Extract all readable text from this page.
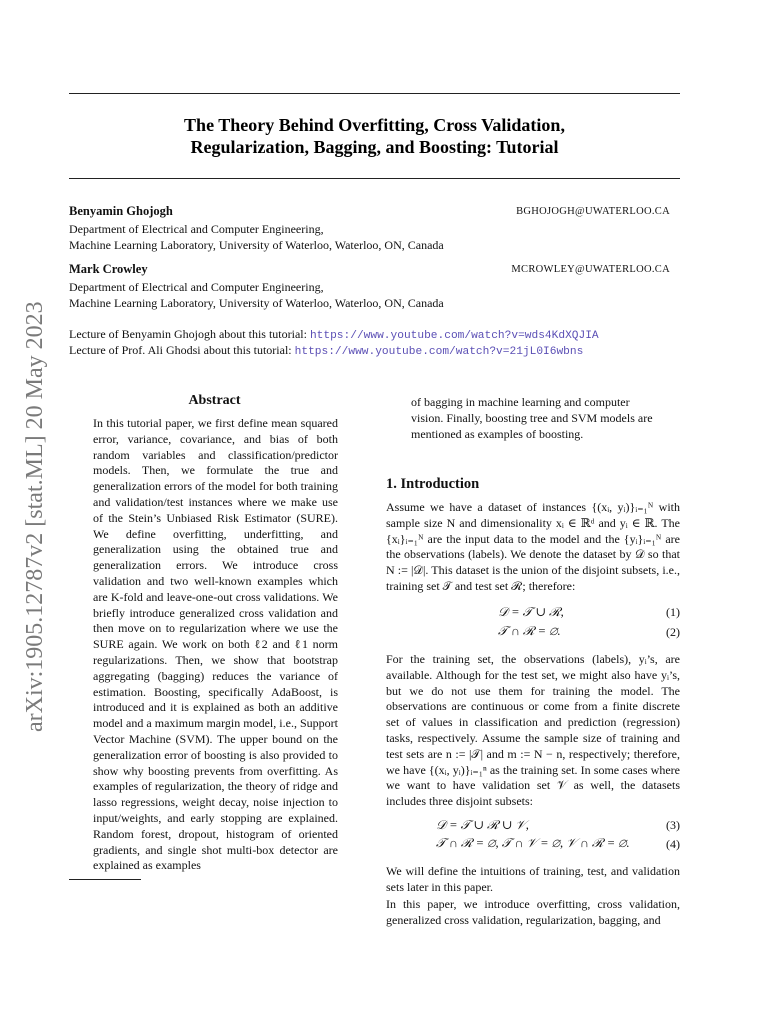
The Theory Behind Overfitting, Cross Validation,
Regularization, Bagging, and Boosting: Tutorial
arXiv:1905.12787v2 [stat.ML] 20 May 2023
Benyamin Ghojogh	BGHOJOGH@UWATERLOO.CA
Department of Electrical and Computer Engineering,
Machine Learning Laboratory, University of Waterloo, Waterloo, ON, Canada
Mark Crowley	MCROWLEY@UWATERLOO.CA
Department of Electrical and Computer Engineering,
Machine Learning Laboratory, University of Waterloo, Waterloo, ON, Canada
Lecture of Benyamin Ghojogh about this tutorial: https://www.youtube.com/watch?v=wds4KdXQJIA
Lecture of Prof. Ali Ghodsi about this tutorial: https://www.youtube.com/watch?v=21jL0I6wbns
Abstract
In this tutorial paper, we first define mean squared error, variance, covariance, and bias of both random variables and classification/predictor models. Then, we formulate the true and generalization errors of the model for both training and validation/test instances where we make use of the Stein’s Unbiased Risk Estimator (SURE). We define overfitting, underfitting, and generalization using the obtained true and generalization errors. We introduce cross validation and two well-known examples which are K-fold and leave-one-out cross validations. We briefly introduce generalized cross validation and then move on to regularization where we use the SURE again. We work on both ℓ2 and ℓ1 norm regularizations. Then, we show that bootstrap aggregating (bagging) reduces the variance of estimation. Boosting, specifically AdaBoost, is introduced and it is explained as both an additive model and a maximum margin model, i.e., Support Vector Machine (SVM). The upper bound on the generalization error of boosting is also provided to show why boosting prevents from overfitting. As examples of regularization, the theory of ridge and lasso regressions, weight decay, noise injection to input/weights, and early stopping are explained. Random forest, dropout, histogram of oriented gradients, and single shot multi-box detector are explained as examples
of bagging in machine learning and computer vision. Finally, boosting tree and SVM models are mentioned as examples of boosting.
1. Introduction
Assume we have a dataset of instances {(xᵢ, yᵢ)}ᵢ₌₁ᴺ with sample size N and dimensionality xᵢ ∈ ℝᵈ and yᵢ ∈ ℝ. The {xᵢ}ᵢ₌₁ᴺ are the input data to the model and the {yᵢ}ᵢ₌₁ᴺ are the observations (labels). We denote the dataset by 𝒟 so that N := |𝒟|. This dataset is the union of the disjoint subsets, i.e., training set 𝒯 and test set ℛ; therefore:
𝒟 = 𝒯 ∪ ℛ,	(1)
𝒯 ∩ ℛ = ∅.	(2)
For the training set, the observations (labels), yᵢ’s, are available. Although for the test set, we might also have yᵢ’s, but we do not use them for training the model. The observations are continuous or come from a finite discrete set of values in classification and prediction (regression) tasks, respectively. Assume the sample size of training and test sets are n := |𝒯| and m := N − n, respectively; therefore, we have {(xᵢ, yᵢ)}ᵢ₌₁ⁿ as the training set. In some cases where we want to have validation set 𝒱 as well, the datasets includes three disjoint subsets:
𝒟 = 𝒯 ∪ ℛ ∪ 𝒱,	(3)
𝒯 ∩ ℛ = ∅, 𝒯 ∩ 𝒱 = ∅, 𝒱 ∩ ℛ = ∅.	(4)
We will define the intuitions of training, test, and validation sets later in this paper.
In this paper, we introduce overfitting, cross validation, generalized cross validation, regularization, bagging, and
